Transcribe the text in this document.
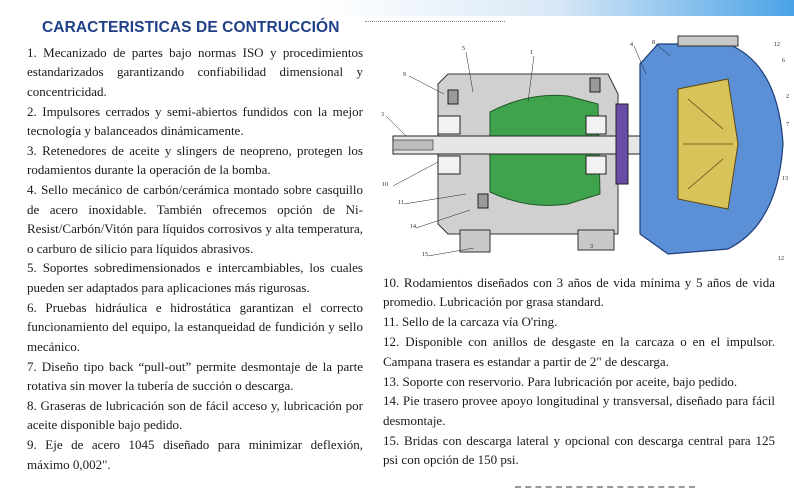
CARACTERISTICAS DE CONTRUCCIÓN

1. Mecanizado de partes bajo normas ISO y procedimientos estandarizados garantizando confiabilidad dimensional y concentricidad.

2. Impulsores cerrados y semi-abiertos fundidos con la mejor tecnología y balanceados dinámicamente.

3. Retenedores de aceite y slingers de neopreno, protegen los rodamientos durante la operación de la bomba.

4. Sello mecánico de carbón/cerámica montado sobre casquillo de acero inoxidable. También ofrecemos opción de Ni-Resist/Carbón/Vitón para líquidos corrosivos y alta temperatura, o carburo de silicio para líquidos abrasivos.

5. Soportes sobredimensionados e intercambiables, los cuales pueden ser adaptados para aplicaciones más rigurosas.

6. Pruebas hidráulica e hidrostática garantizan el correcto funcionamiento del equipo, la estanqueidad de fundición y sello mecánico.

7. Diseño tipo back “pull-out” permite desmontaje de la parte rotativa sin mover la tubería de succión o descarga.

8. Graseras de lubricación son de fácil acceso y, lubricación por aceite disponible bajo pedido.

9. Eje de acero 1045 diseñado para minimizar deflexión, máximo 0,002".

5
1
4	8	12
6
9
2
3
7
10
13
11
14
15
3
12

10. Rodamientos diseñados con 3 años de vida mínima y 5 años de vida promedio. Lubricación por grasa standard.

11. Sello de la carcaza vía O'ring.

12. Disponible con anillos de desgaste en la carcaza o en el impulsor. Campana trasera es estandar a partir de 2" de descarga.

13. Soporte con reservorio. Para lubricación por aceite, bajo pedido.

14. Pie trasero provee apoyo longitudinal y transversal, diseñado para fácil desmontaje.

15. Bridas con descarga lateral y opcional con descarga central para 125 psi con opción de 150 psi.
